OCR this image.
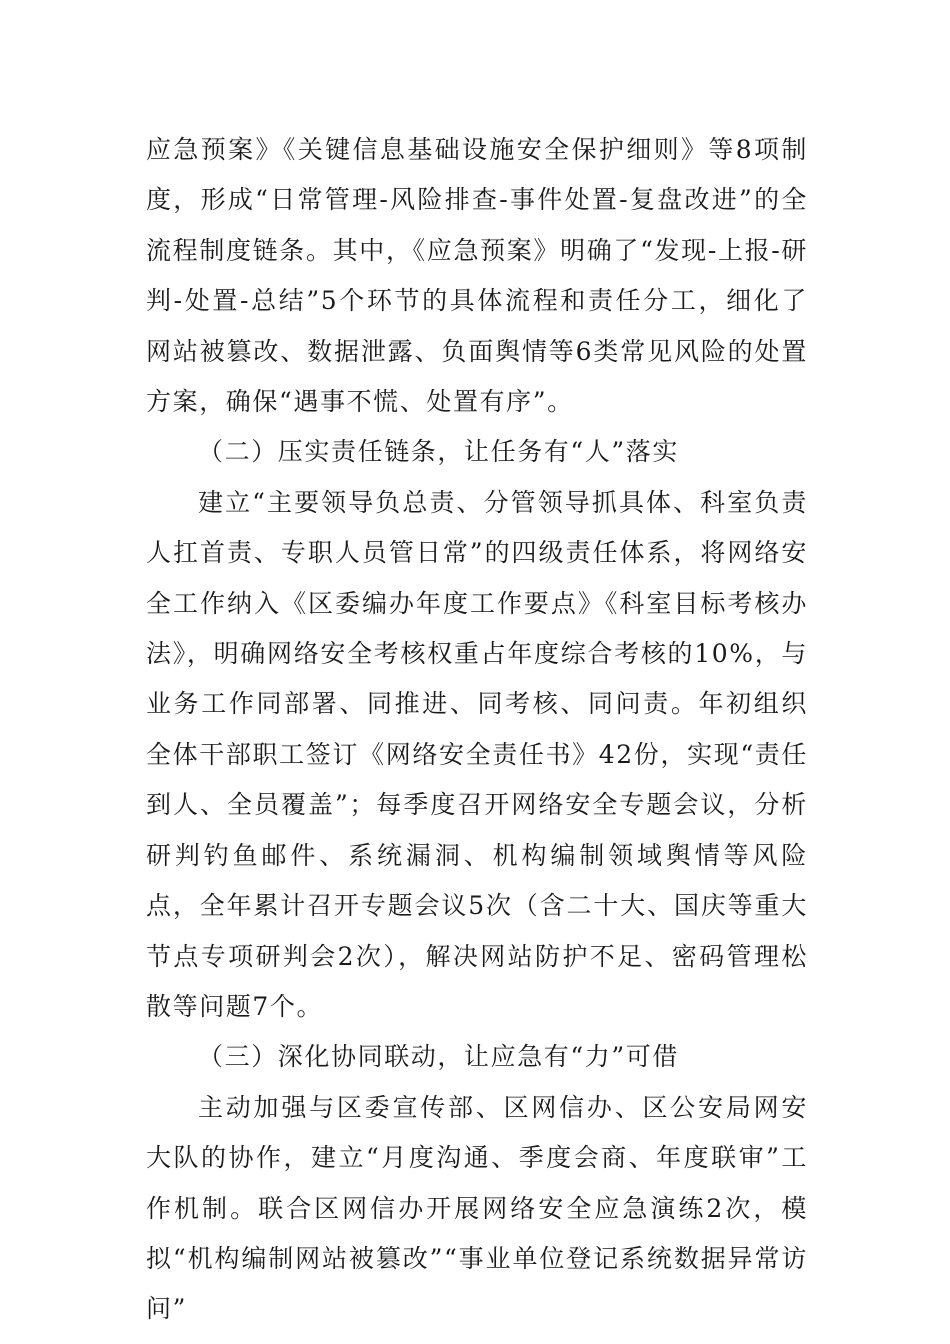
应急预案》《关键信息基础设施安全保护细则》等8项制度，形成“日常管理-风险排查-事件处置-复盘改进”的全流程制度链条。其中，《应急预案》明确了“发现-上报-研判-处置-总结”5个环节的具体流程和责任分工，细化了网站被篡改、数据泄露、负面舆情等6类常见风险的处置方案，确保“遇事不慌、处置有序”。

（二）压实责任链条，让任务有“人”落实

建立“主要领导负总责、分管领导抓具体、科室负责人扛首责、专职人员管日常”的四级责任体系，将网络安全工作纳入《区委编办年度工作要点》《科室目标考核办法》，明确网络安全考核权重占年度综合考核的10%，与业务工作同部署、同推进、同考核、同问责。年初组织全体干部职工签订《网络安全责任书》42份，实现“责任到人、全员覆盖”；每季度召开网络安全专题会议，分析研判钓鱼邮件、系统漏洞、机构编制领域舆情等风险点，全年累计召开专题会议5次（含二十大、国庆等重大节点专项研判会2次），解决网站防护不足、密码管理松散等问题7个。

（三）深化协同联动，让应急有“力”可借

主动加强与区委宣传部、区网信办、区公安局网安大队的协作，建立“月度沟通、季度会商、年度联审”工作机制。联合区网信办开展网络安全应急演练2次，模拟“机构编制网站被篡改”“事业单位登记系统数据异常访问”
